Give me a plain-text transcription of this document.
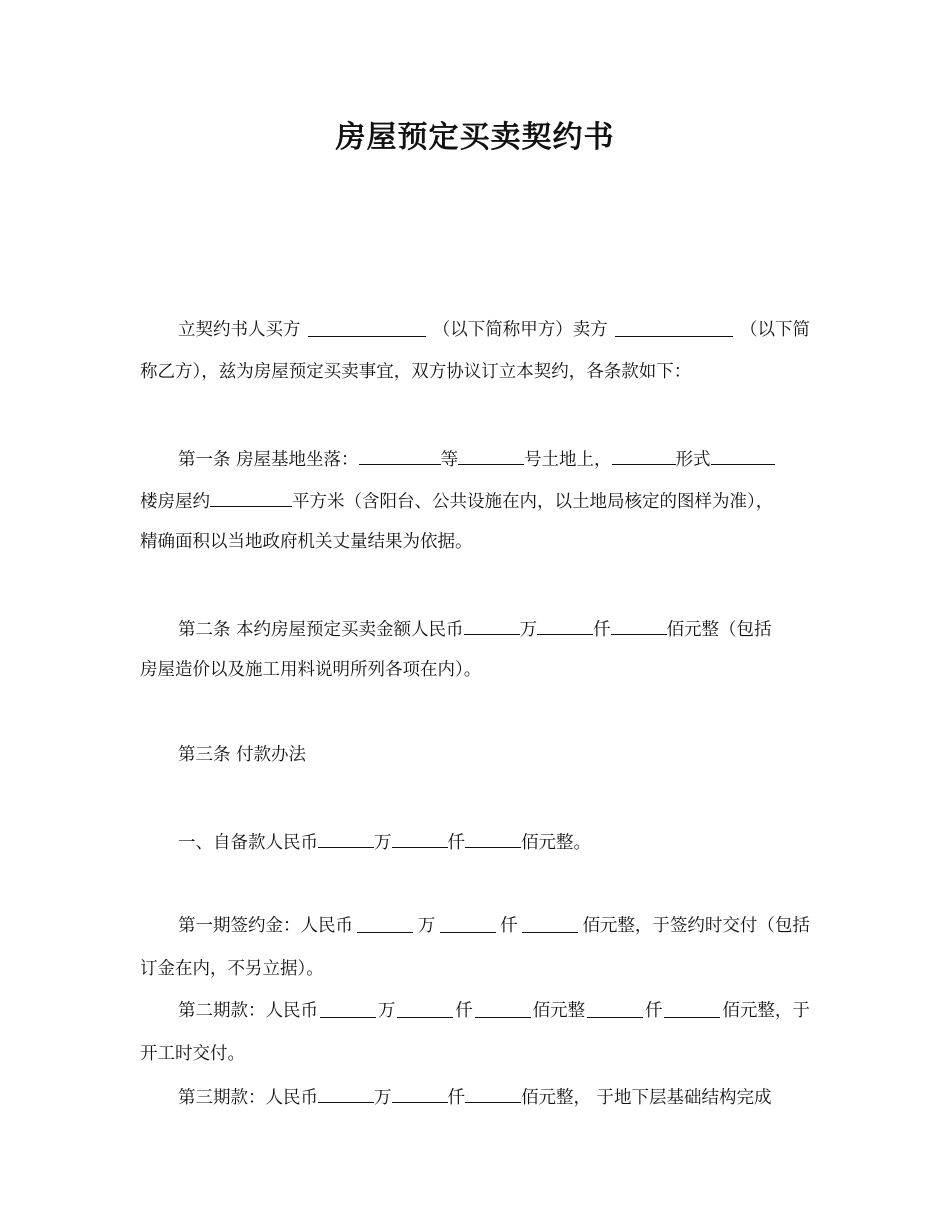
房屋预定买卖契约书

立契约书人买方	（以下简称甲方）卖方	（以下简

称乙方），兹为房屋预定买卖事宜，双方协议订立本契约，各条款如下：

第一条 房屋基地坐落：	等	号土地上，	形式

楼房屋约	平方米（含阳台、公共设施在内，以土地局核定的图样为准），

精确面积以当地政府机关丈量结果为依据。

第二条 本约房屋预定买卖金额人民币	万	仟	佰元整（包括

房屋造价以及施工用料说明所列各项在内）。

第三条 付款办法

一、自备款人民币	万	仟	佰元整。

第一期签约金：人民币	万	仟	佰元整，于签约时交付（包括

订金在内，不另立据）。

第二期款：人民币	万	仟	佰元整	仟	佰元整，于

开工时交付。

第三期款：人民币	万	仟	佰元整， 于地下层基础结构完成
